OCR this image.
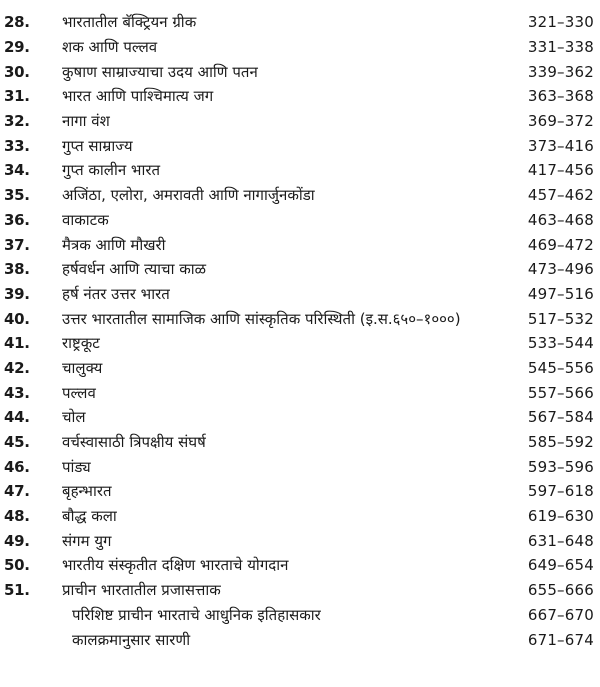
28.	भारतातील बॅक्ट्रियन ग्रीक	321–330
29.	शक आणि पल्लव	331–338
30.	कुषाण साम्राज्याचा उदय आणि पतन	339–362
31.	भारत आणि पाश्चिमात्य जग	363–368
32.	नागा वंश	369–372
33.	गुप्त साम्राज्य	373–416
34.	गुप्त कालीन भारत	417–456
35.	अजिंठा, एलोरा, अमरावती आणि नागार्जुनकोंडा	457–462
36.	वाकाटक	463–468
37.	मैत्रक आणि मौखरी	469–472
38.	हर्षवर्धन आणि त्याचा काळ	473–496
39.	हर्ष नंतर उत्तर भारत	497–516
40.	उत्तर भारतातील सामाजिक आणि सांस्कृतिक परिस्थिती (इ.स.६५०–१०००)	517–532
41.	राष्ट्रकूट	533–544
42.	चालुक्य	545–556
43.	पल्लव	557–566
44.	चोल	567–584
45.	वर्चस्वासाठी त्रिपक्षीय संघर्ष	585–592
46.	पांड्य	593–596
47.	बृहन्भारत	597–618
48.	बौद्ध कला	619–630
49.	संगम युग	631–648
50.	भारतीय संस्कृतीत दक्षिण भारताचे योगदान	649–654
51.	प्राचीन भारतातील प्रजासत्ताक	655–666
परिशिष्ट प्राचीन भारताचे आधुनिक इतिहासकार	667–670
कालक्रमानुसार सारणी	671–674
